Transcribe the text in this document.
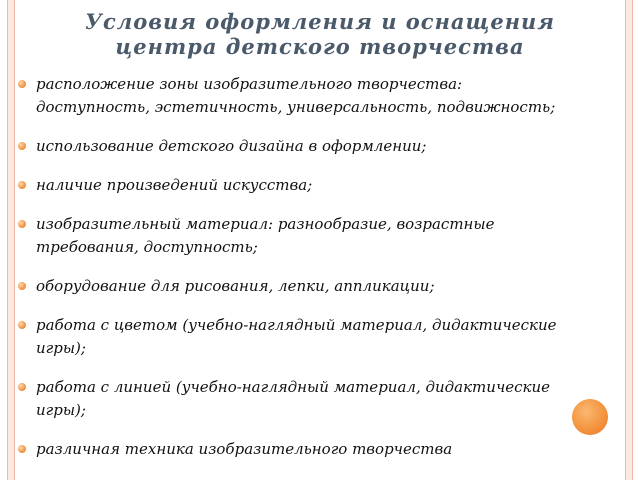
Условия оформления и оснащения
центра детского творчества
расположение зоны изобразительного творчества: доступность, эстетичность, универсальность, подвижность;
использование детского дизайна в оформлении;
наличие произведений искусства;
изобразительный материал: разнообразие, возрастные требования, доступность;
оборудование для рисования, лепки, аппликации;
работа с цветом (учебно-наглядный материал, дидактические игры);
работа с линией (учебно-наглядный материал, дидактические игры);
различная техника изобразительного творчества
